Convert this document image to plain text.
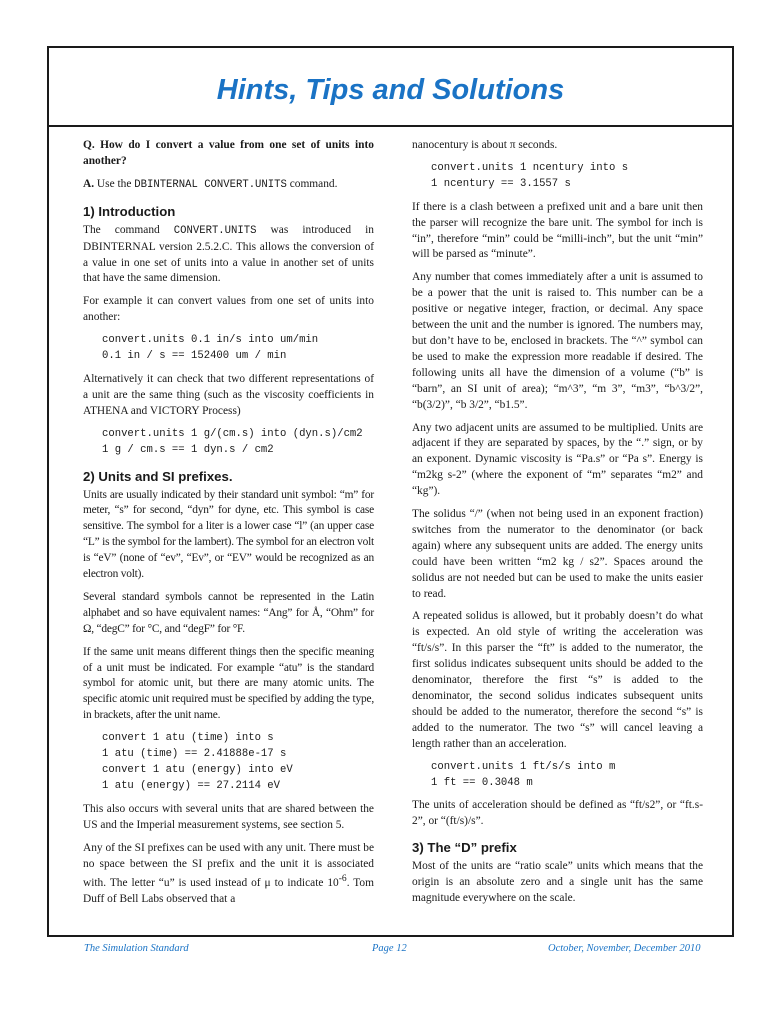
Hints, Tips and Solutions

Q. How do I convert a value from one set of units into another?

A. Use the DBINTERNAL CONVERT.UNITS command.

1) Introduction

The command CONVERT.UNITS was introduced in DBINTERNAL version 2.5.2.C. This allows the conversion of a value in one set of units into a value in another set of units that have the same dimension.

For example it can convert values from one set of units into another:

convert.units 0.1 in/s into um/min
0.1 in / s == 152400 um / min

Alternatively it can check that two different representations of a unit are the same thing (such as the viscosity coefficients in ATHENA and VICTORY Process)

convert.units 1 g/(cm.s) into (dyn.s)/cm2
1 g / cm.s == 1 dyn.s / cm2
2) Units and SI prefixes.

Units are usually indicated by their standard unit symbol: “m” for meter, “s” for second, “dyn” for dyne, etc. This symbol is case sensitive. The symbol for a liter is a lower case “l” (an upper case “L” is the symbol for the lambert). The symbol for an electron volt is “eV” (none of “ev”, “Ev”, or “EV” would be recognized as an electron volt).

Several standard symbols cannot be represented in the Latin alphabet and so have equivalent names: “Ang” for Å, “Ohm” for Ω, “degC” for °C, and “degF” for °F.

If the same unit means different things then the specific meaning of a unit must be indicated. For example “atu” is the standard symbol for atomic unit, but there are many atomic units. The specific atomic unit required must be specified by adding the type, in brackets, after the unit name.

convert 1 atu (time) into s
1 atu (time) == 2.41888e-17 s
convert 1 atu (energy) into eV
1 atu (energy) == 27.2114 eV

This also occurs with several units that are shared between the US and the Imperial measurement systems, see section 5.

Any of the SI prefixes can be used with any unit. There must be no space between the SI prefix and the unit it is associated with. The letter “u” is used instead of μ to indicate $10^{-6}$. Tom Duff of Bell Labs observed that a

nanocentury is about π seconds.

convert.units 1 ncentury into s
1 ncentury == 3.1557 s

If there is a clash between a prefixed unit and a bare unit then the parser will recognize the bare unit. The symbol for inch is “in”, therefore “min” could be “milli-inch”, but the unit “min” will be parsed as “minute”.

Any number that comes immediately after a unit is assumed to be a power that the unit is raised to. This number can be a positive or negative integer, fraction, or decimal. Any space between the unit and the number is ignored. The numbers may, but don’t have to be, enclosed in brackets. The “^” symbol can be used to make the expression more readable if desired. The following units all have the dimension of a volume (“b” is “barn”, an SI unit of area); “m^3”, “m 3”, “m3”, “b^3/2”, “b(3/2)”, “b 3/2”, “b1.5”.

Any two adjacent units are assumed to be multiplied. Units are adjacent if they are separated by spaces, by the “.” sign, or by an exponent. Dynamic viscosity is “Pa.s” or “Pa s”. Energy is “m2kg s-2” (where the exponent of “m” separates “m2” and “kg”).

The solidus “/” (when not being used in an exponent fraction) switches from the numerator to the denominator (or back again) where any subsequent units are added. The energy units could have been written “m2 kg / s2”. Spaces around the solidus are not needed but can be used to make the units easier to read.

A repeated solidus is allowed, but it probably doesn’t do what is expected. An old style of writing the acceleration was “ft/s/s”. In this parser the “ft” is added to the numerator, the first solidus indicates subsequent units should be added to the denominator, therefore the first “s” is added to the denominator, the second solidus indicates subsequent units should be added to the numerator, therefore the second “s” is added to the numerator. The two “s” will cancel leaving a length rather than an acceleration.

convert.units 1 ft/s/s into m
1 ft == 0.3048 m

The units of acceleration should be defined as “ft/s2”, or “ft.s-2”, or “(ft/s)/s”.

3) The “D” prefix

Most of the units are “ratio scale” units which means that the origin is an absolute zero and a single unit has the same magnitude everywhere on the scale.

The Simulation Standard	Page 12	October, November, December 2010
